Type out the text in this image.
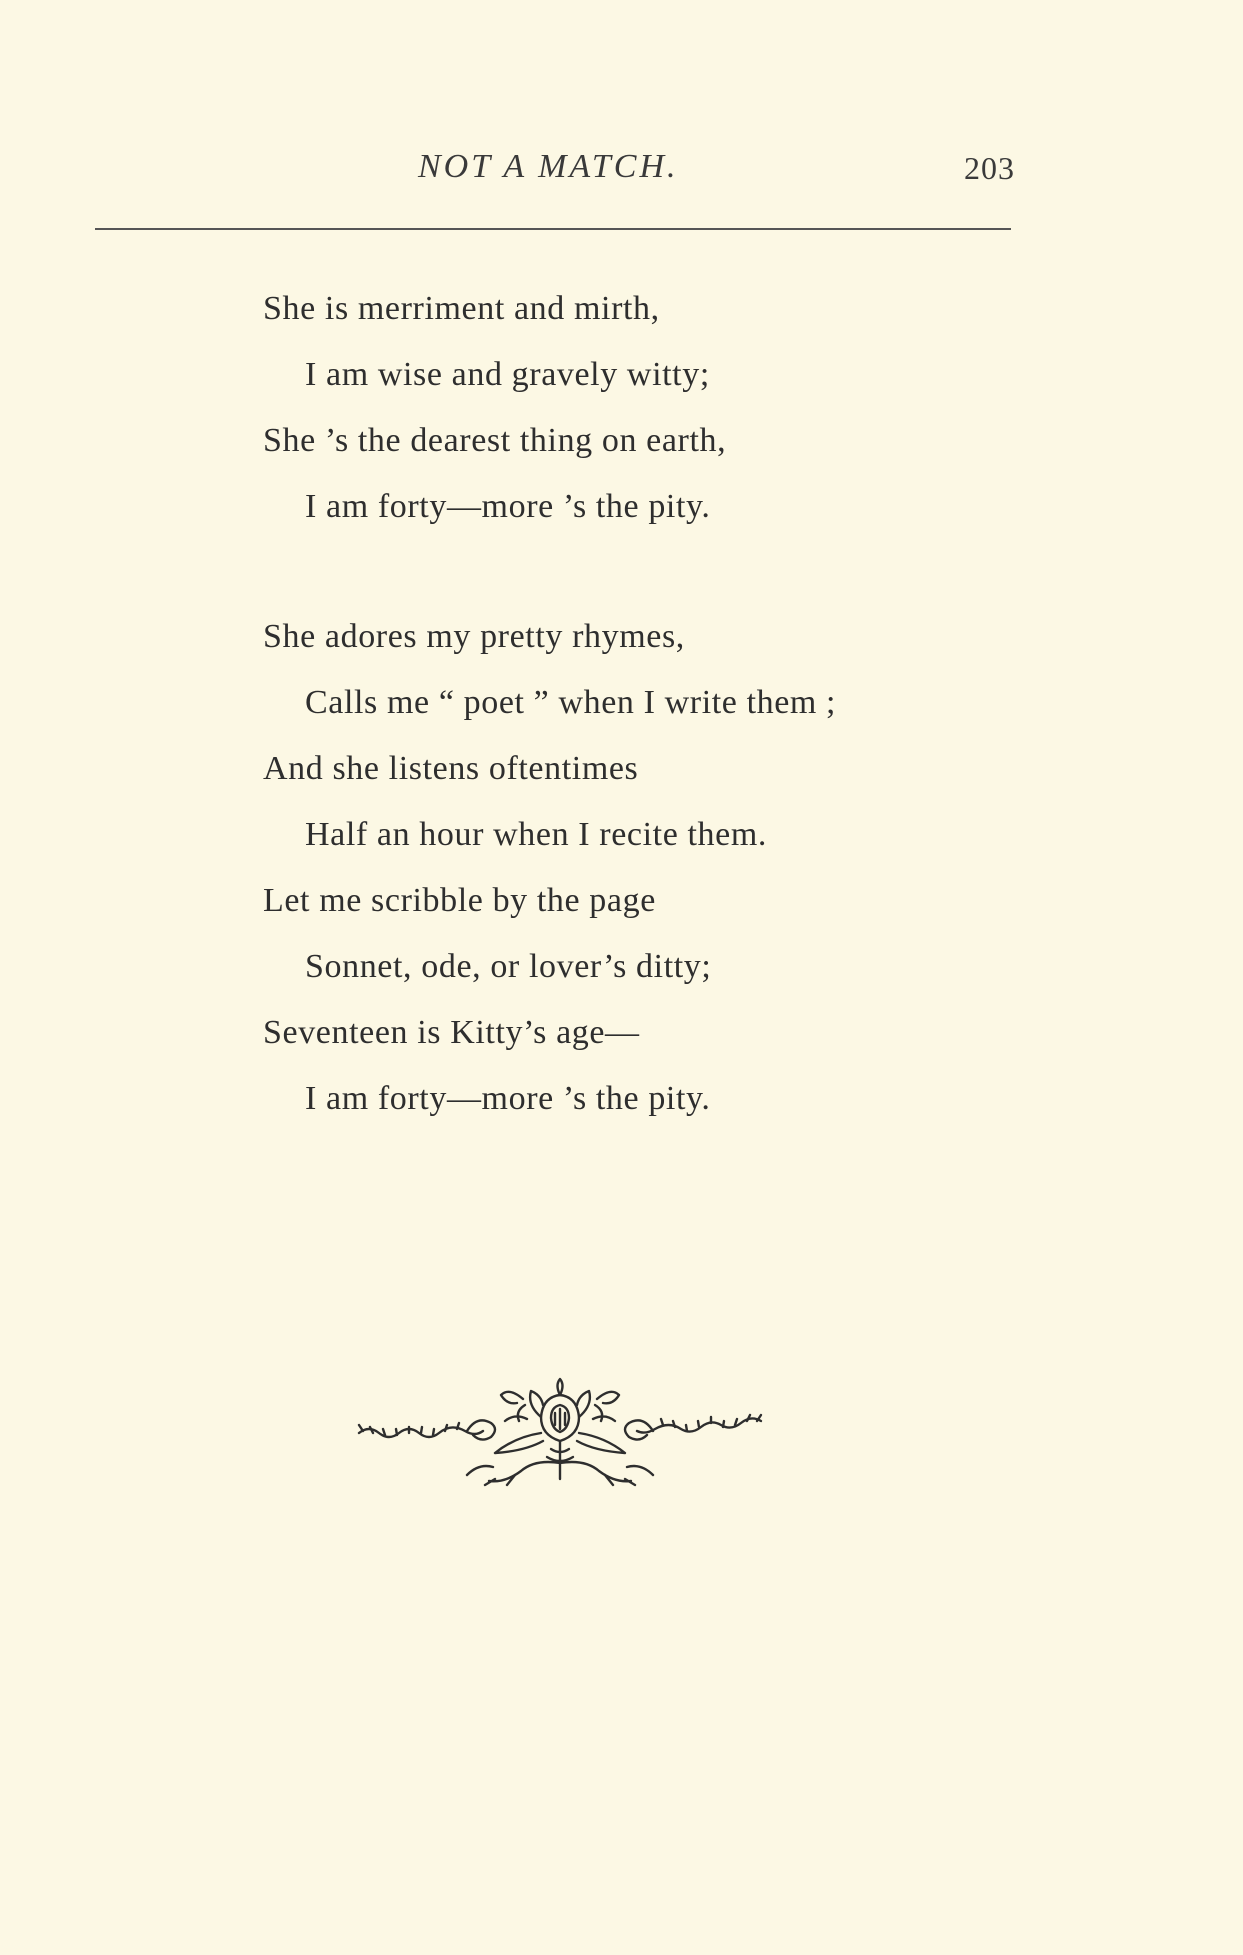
NOT A MATCH.	203
She is merriment and mirth,
I am wise and gravely witty;
She ’s the dearest thing on earth,
I am forty—more ’s the pity.
She adores my pretty rhymes,
Calls me “ poet ” when I write them ;
And she listens oftentimes
Half an hour when I recite them.
Let me scribble by the page
Sonnet, ode, or lover’s ditty;
Seventeen is Kitty’s age—
I am forty—more ’s the pity.
